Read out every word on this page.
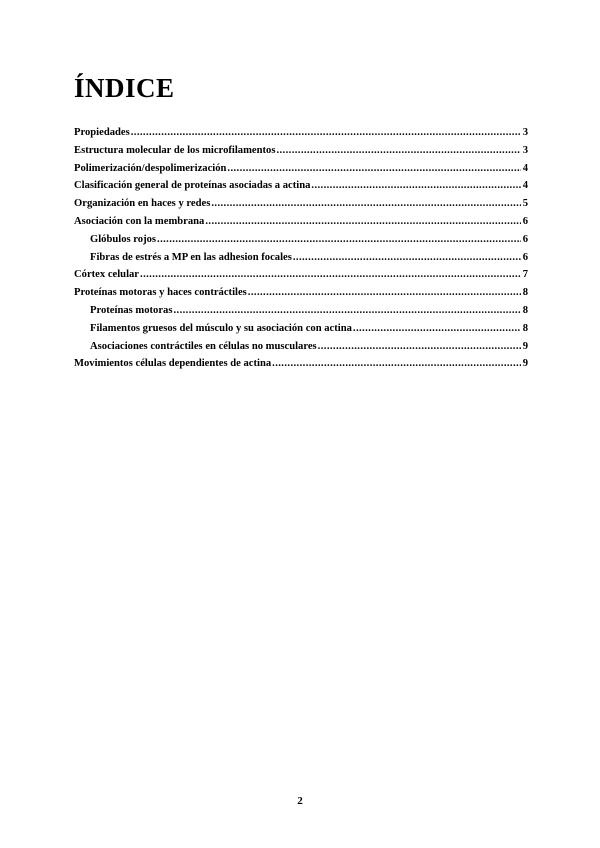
ÍNDICE
Propiedades .....	3
Estructura molecular de los microfilamentos .....	3
Polimerización/despolimerización .....	4
Clasificación general de proteínas asociadas a actina .....	4
Organización en haces y redes .....	5
Asociación con la membrana .....	6
Glóbulos rojos .....	6
Fibras de estrés a MP en las adhesion focales .....	6
Córtex celular .....	7
Proteínas motoras y haces contráctiles .....	8
Proteínas motoras .....	8
Filamentos gruesos del músculo y su asociación con actina .....	8
Asociaciones contráctiles en células no musculares .....	9
Movimientos células dependientes de actina .....	9
2
